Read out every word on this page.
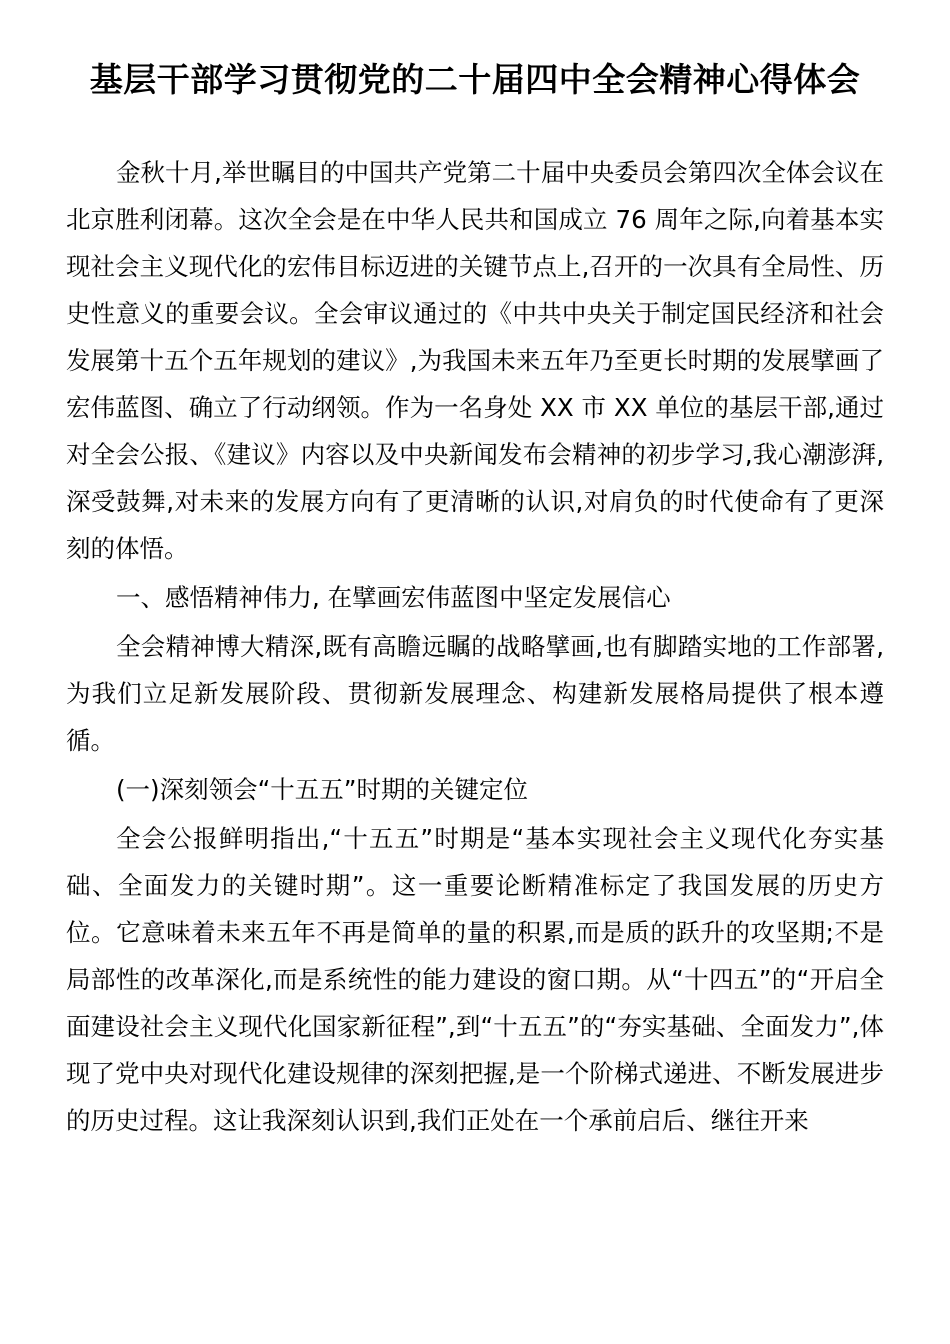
基层干部学习贯彻党的二十届四中全会精神心得体会

金秋十月,举世瞩目的中国共产党第二十届中央委员会第四次全体会议在北京胜利闭幕。这次全会是在中华人民共和国成立 76 周年之际,向着基本实现社会主义现代化的宏伟目标迈进的关键节点上,召开的一次具有全局性、历史性意义的重要会议。全会审议通过的《中共中央关于制定国民经济和社会发展第十五个五年规划的建议》,为我国未来五年乃至更长时期的发展擘画了宏伟蓝图、确立了行动纲领。作为一名身处 XX 市 XX 单位的基层干部,通过对全会公报、《建议》内容以及中央新闻发布会精神的初步学习,我心潮澎湃,深受鼓舞,对未来的发展方向有了更清晰的认识,对肩负的时代使命有了更深刻的体悟。

一、感悟精神伟力, 在擘画宏伟蓝图中坚定发展信心

全会精神博大精深,既有高瞻远瞩的战略擘画,也有脚踏实地的工作部署,为我们立足新发展阶段、贯彻新发展理念、构建新发展格局提供了根本遵循。

(一)深刻领会“十五五”时期的关键定位

全会公报鲜明指出,“十五五”时期是“基本实现社会主义现代化夯实基础、全面发力的关键时期”。这一重要论断精准标定了我国发展的历史方位。它意味着未来五年不再是简单的量的积累,而是质的跃升的攻坚期;不是局部性的改革深化,而是系统性的能力建设的窗口期。从“十四五”的“开启全面建设社会主义现代化国家新征程”,到“十五五”的“夯实基础、全面发力”,体现了党中央对现代化建设规律的深刻把握,是一个阶梯式递进、不断发展进步的历史过程。这让我深刻认识到,我们正处在一个承前启后、继往开来
